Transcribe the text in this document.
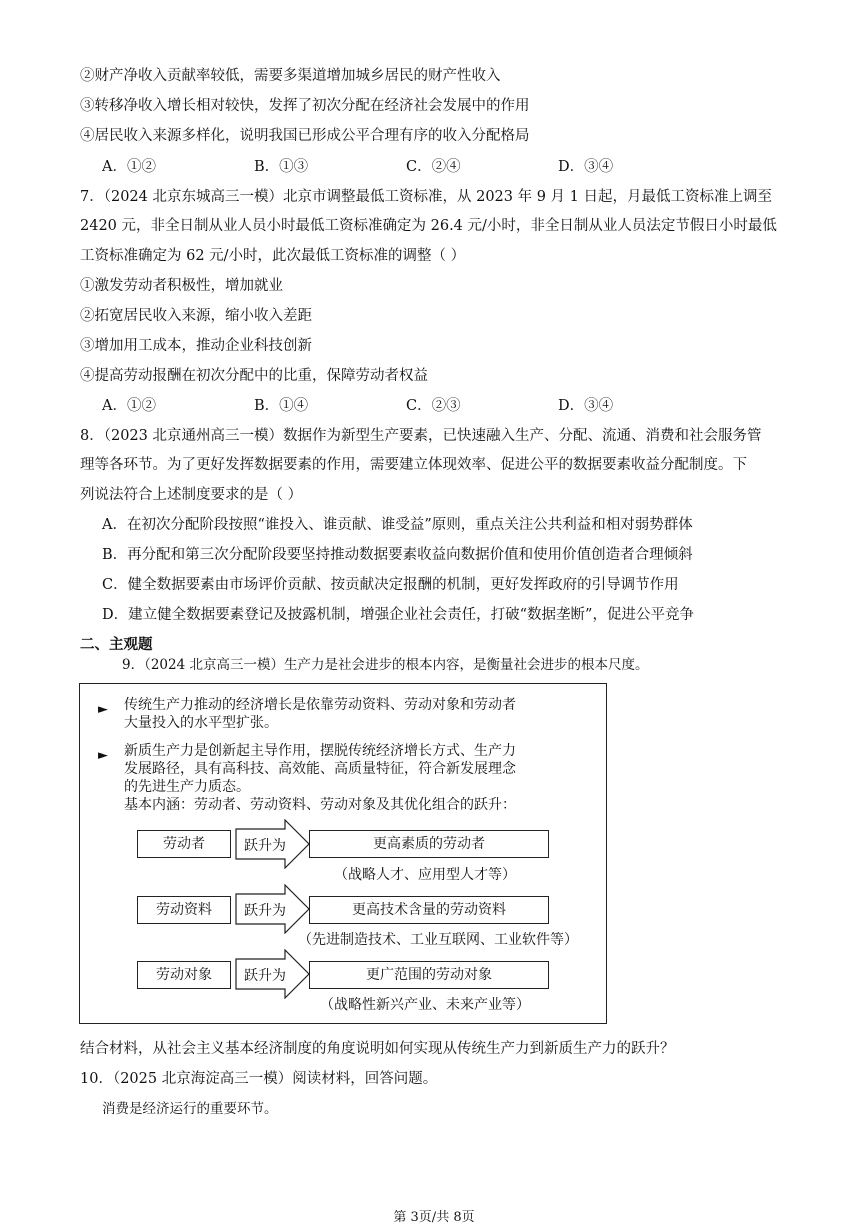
②财产净收入贡献率较低，需要多渠道增加城乡居民的财产性收入
③转移净收入增长相对较快，发挥了初次分配在经济社会发展中的作用
④居民收入来源多样化，说明我国已形成公平合理有序的收入分配格局
A．①②	B．①③	C．②④	D．③④
7．（2024 北京东城高三一模）北京市调整最低工资标准，从 2023 年 9 月 1 日起，月最低工资标准上调至
2420 元，非全日制从业人员小时最低工资标准确定为 26.4 元/小时，非全日制从业人员法定节假日小时最低
工资标准确定为 62 元/小时，此次最低工资标准的调整（ ）
①激发劳动者积极性，增加就业
②拓宽居民收入来源，缩小收入差距
③增加用工成本，推动企业科技创新
④提高劳动报酬在初次分配中的比重，保障劳动者权益
A．①②	B．①④	C．②③	D．③④
8．（2023 北京通州高三一模）数据作为新型生产要素，已快速融入生产、分配、流通、消费和社会服务管
理等各环节。为了更好发挥数据要素的作用，需要建立体现效率、促进公平的数据要素收益分配制度。下
列说法符合上述制度要求的是（ ）
A．在初次分配阶段按照“谁投入、谁贡献、谁受益”原则，重点关注公共利益和相对弱势群体
B．再分配和第三次分配阶段要坚持推动数据要素收益向数据价值和使用价值创造者合理倾斜
C．健全数据要素由市场评价贡献、按贡献决定报酬的机制，更好发挥政府的引导调节作用
D．建立健全数据要素登记及披露机制，增强企业社会责任，打破“数据垄断”，促进公平竞争
二、主观题
9．（2024 北京高三一模）生产力是社会进步的根本内容，是衡量社会进步的根本尺度。
► 传统生产力推动的经济增长是依靠劳动资料、劳动对象和劳动者
大量投入的水平型扩张。
► 新质生产力是创新起主导作用，摆脱传统经济增长方式、生产力
发展路径，具有高科技、高效能、高质量特征，符合新发展理念
的先进生产力质态。
基本内涵：劳动者、劳动资料、劳动对象及其优化组合的跃升：
劳动者	跃升为	更高素质的劳动者
（战略人才、应用型人才等）
劳动资料	跃升为	更高技术含量的劳动资料
（先进制造技术、工业互联网、工业软件等）
劳动对象	跃升为	更广范围的劳动对象
（战略性新兴产业、未来产业等）
结合材料，从社会主义基本经济制度的角度说明如何实现从传统生产力到新质生产力的跃升？
10．（2025 北京海淀高三一模）阅读材料，回答问题。
消费是经济运行的重要环节。
第 3页/共 8页
